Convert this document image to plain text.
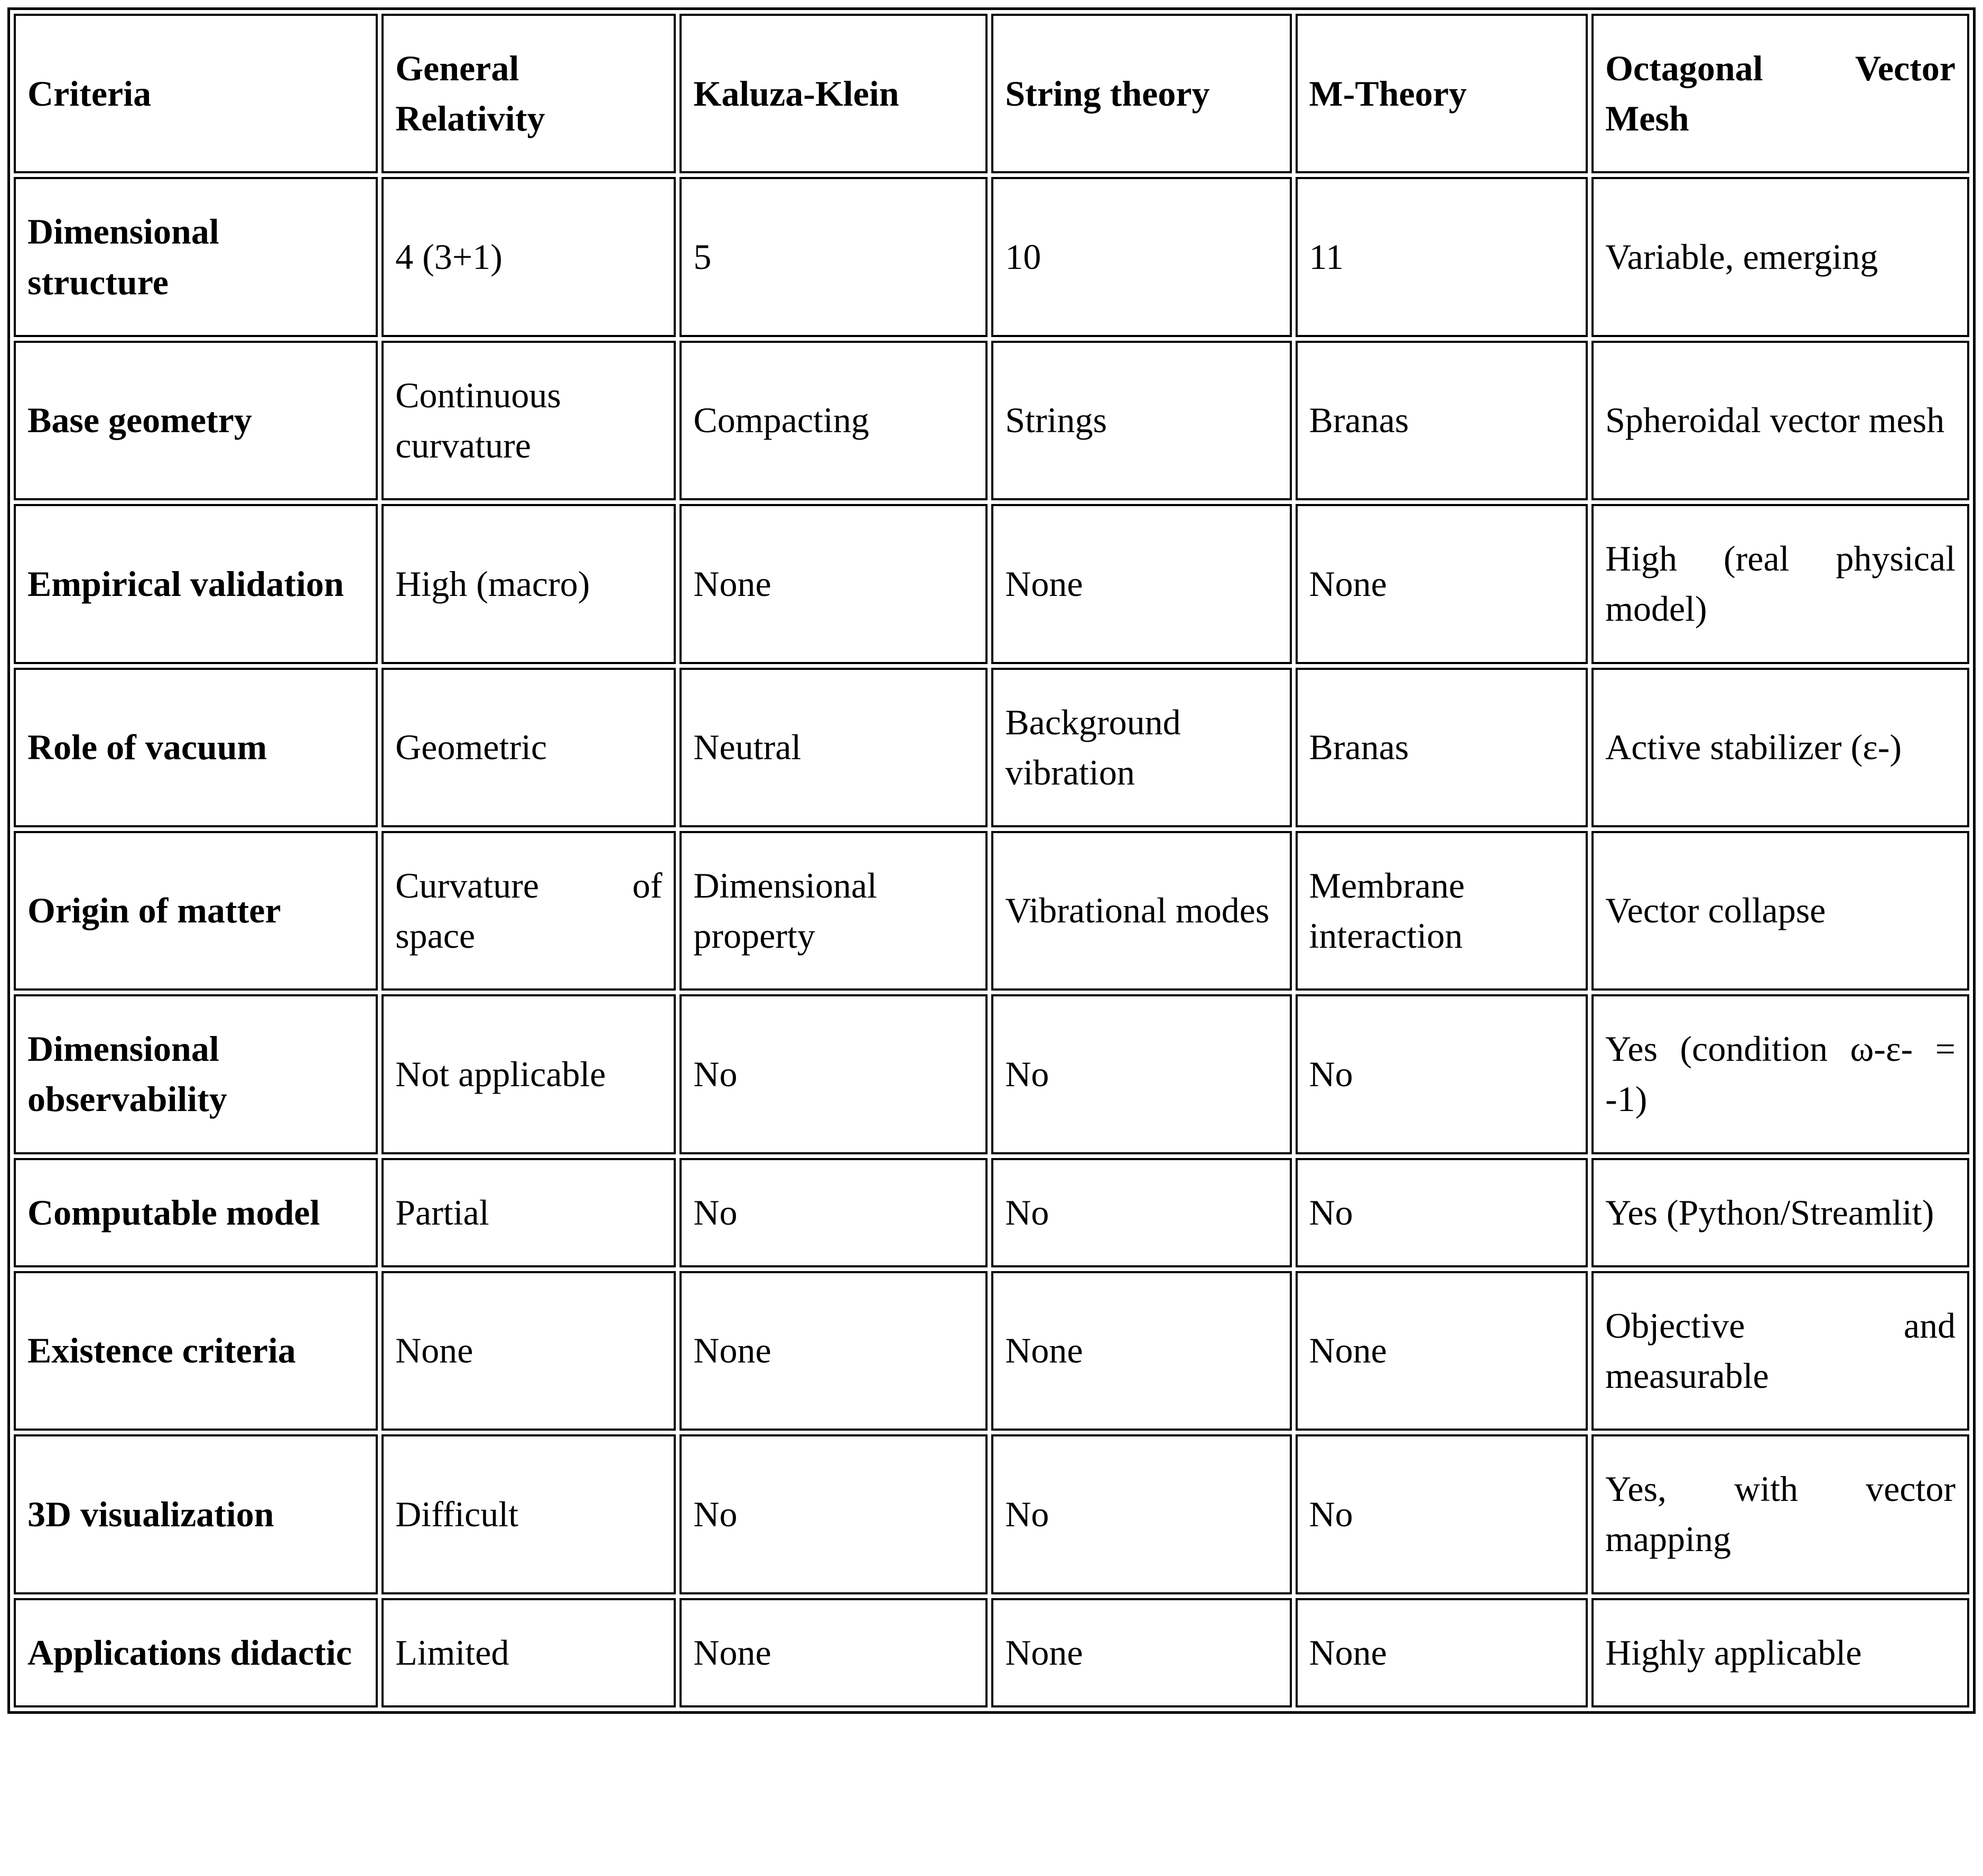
Criteria	General Relativity	Kaluza-Klein	String theory	M-Theory	Octagonal Vector Mesh
Dimensional structure	4 (3+1)	5	10	11	Variable, emerging
Base geometry	Continuous curvature	Compacting	Strings	Branas	Spheroidal vector mesh
Empirical validation	High (macro)	None	None	None	High (real physical model)
Role of vacuum	Geometric	Neutral	Background vibration	Branas	Active stabilizer (ε-)
Origin of matter	Curvature of space	Dimensional property	Vibrational modes	Membrane interaction	Vector collapse
Dimensional observability	Not applicable	No	No	No	Yes (condition ω-ε- = -1)
Computable model	Partial	No	No	No	Yes (Python/Streamlit)
Existence criteria	None	None	None	None	Objective and measurable
3D visualization	Difficult	No	No	No	Yes, with vector mapping
Applications didactic	Limited	None	None	None	Highly applicable
